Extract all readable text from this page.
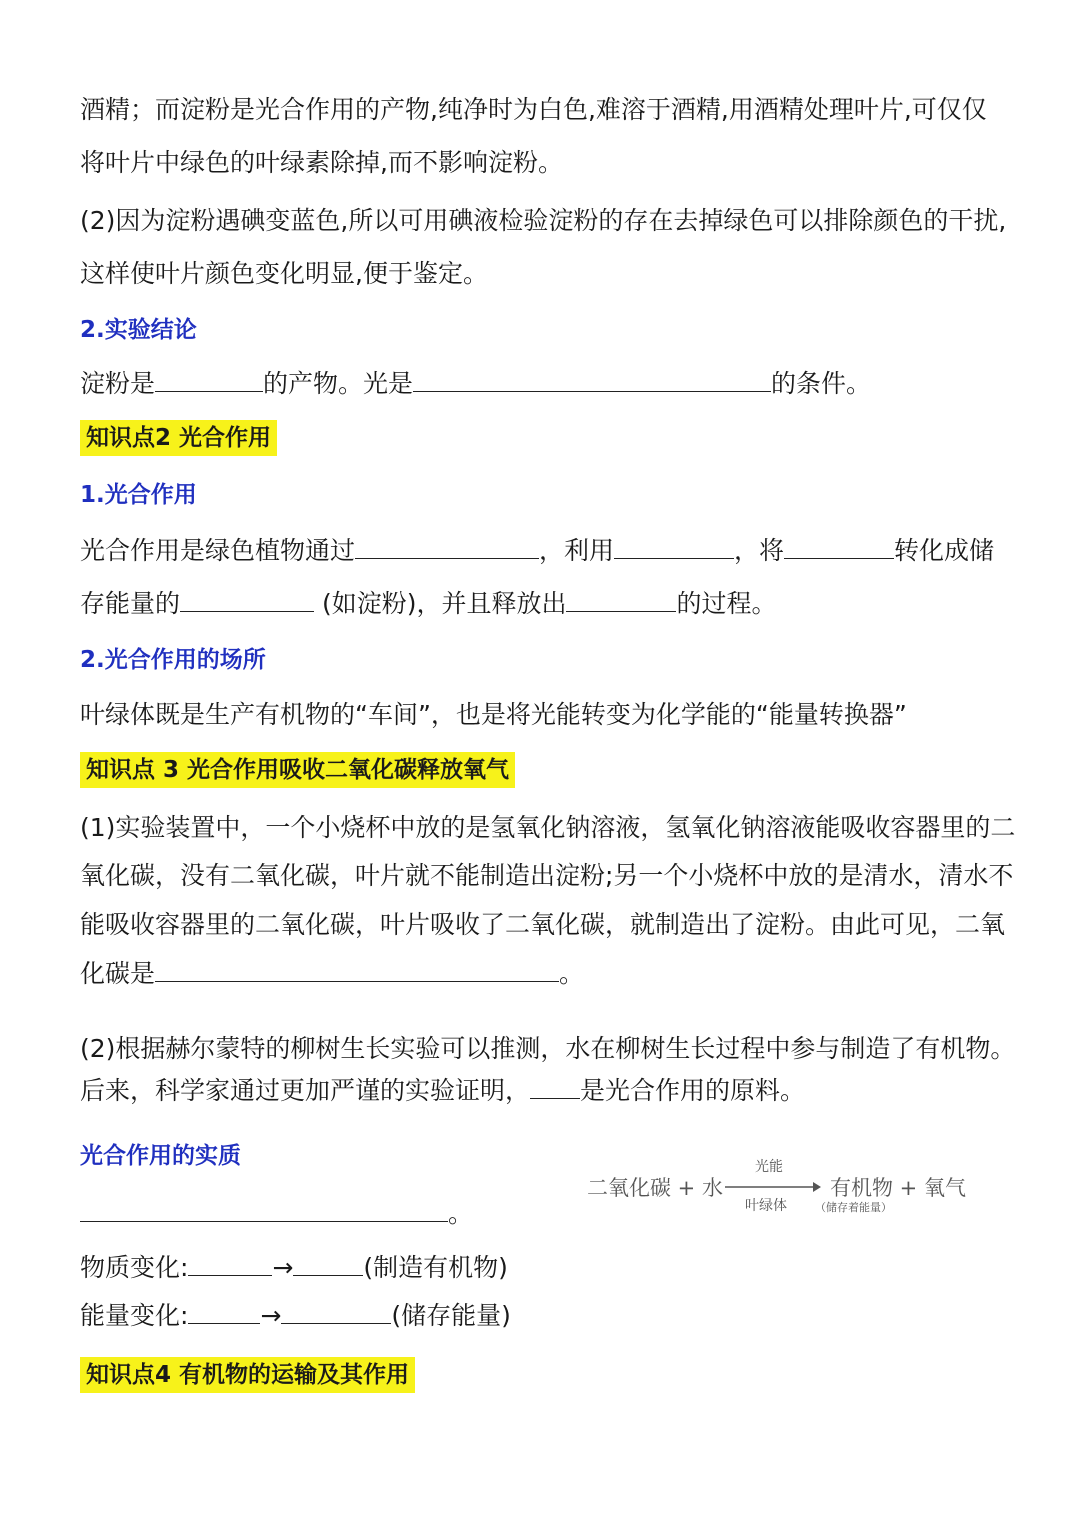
酒精；而淀粉是光合作用的产物,纯净时为白色,难溶于酒精,用酒精处理叶片,可仅仅
将叶片中绿色的叶绿素除掉,而不影响淀粉。
(2)因为淀粉遇碘变蓝色,所以可用碘液检验淀粉的存在去掉绿色可以排除颜色的干扰,
这样使叶片颜色变化明显,便于鉴定。
2.实验结论
淀粉是	的产物。光是	的条件。
知识点2 光合作用
1.光合作用
光合作用是绿色植物通过	，利用	，将	转化成储
存能量的	(如淀粉)，并且释放出	的过程。
2.光合作用的场所
叶绿体既是生产有机物的“车间”，也是将光能转变为化学能的“能量转换器”
知识点 3 光合作用吸收二氧化碳释放氧气
(1)实验装置中，一个小烧杯中放的是氢氧化钠溶液，氢氧化钠溶液能吸收容器里的二
氧化碳，没有二氧化碳，叶片就不能制造出淀粉;另一个小烧杯中放的是清水，清水不
能吸收容器里的二氧化碳，叶片吸收了二氧化碳，就制造出了淀粉。由此可见，二氧
化碳是	。
(2)根据赫尔蒙特的柳树生长实验可以推测，水在柳树生长过程中参与制造了有机物。
后来，科学家通过更加严谨的实验证明， 是光合作用的原料。
光合作用的实质
二氧化碳 + 水
光能
叶绿体
有机物 + 氧气
（储存着能量）
。
物质变化:	→	(制造有机物)
能量变化:	→	(储存能量)
知识点4 有机物的运输及其作用
